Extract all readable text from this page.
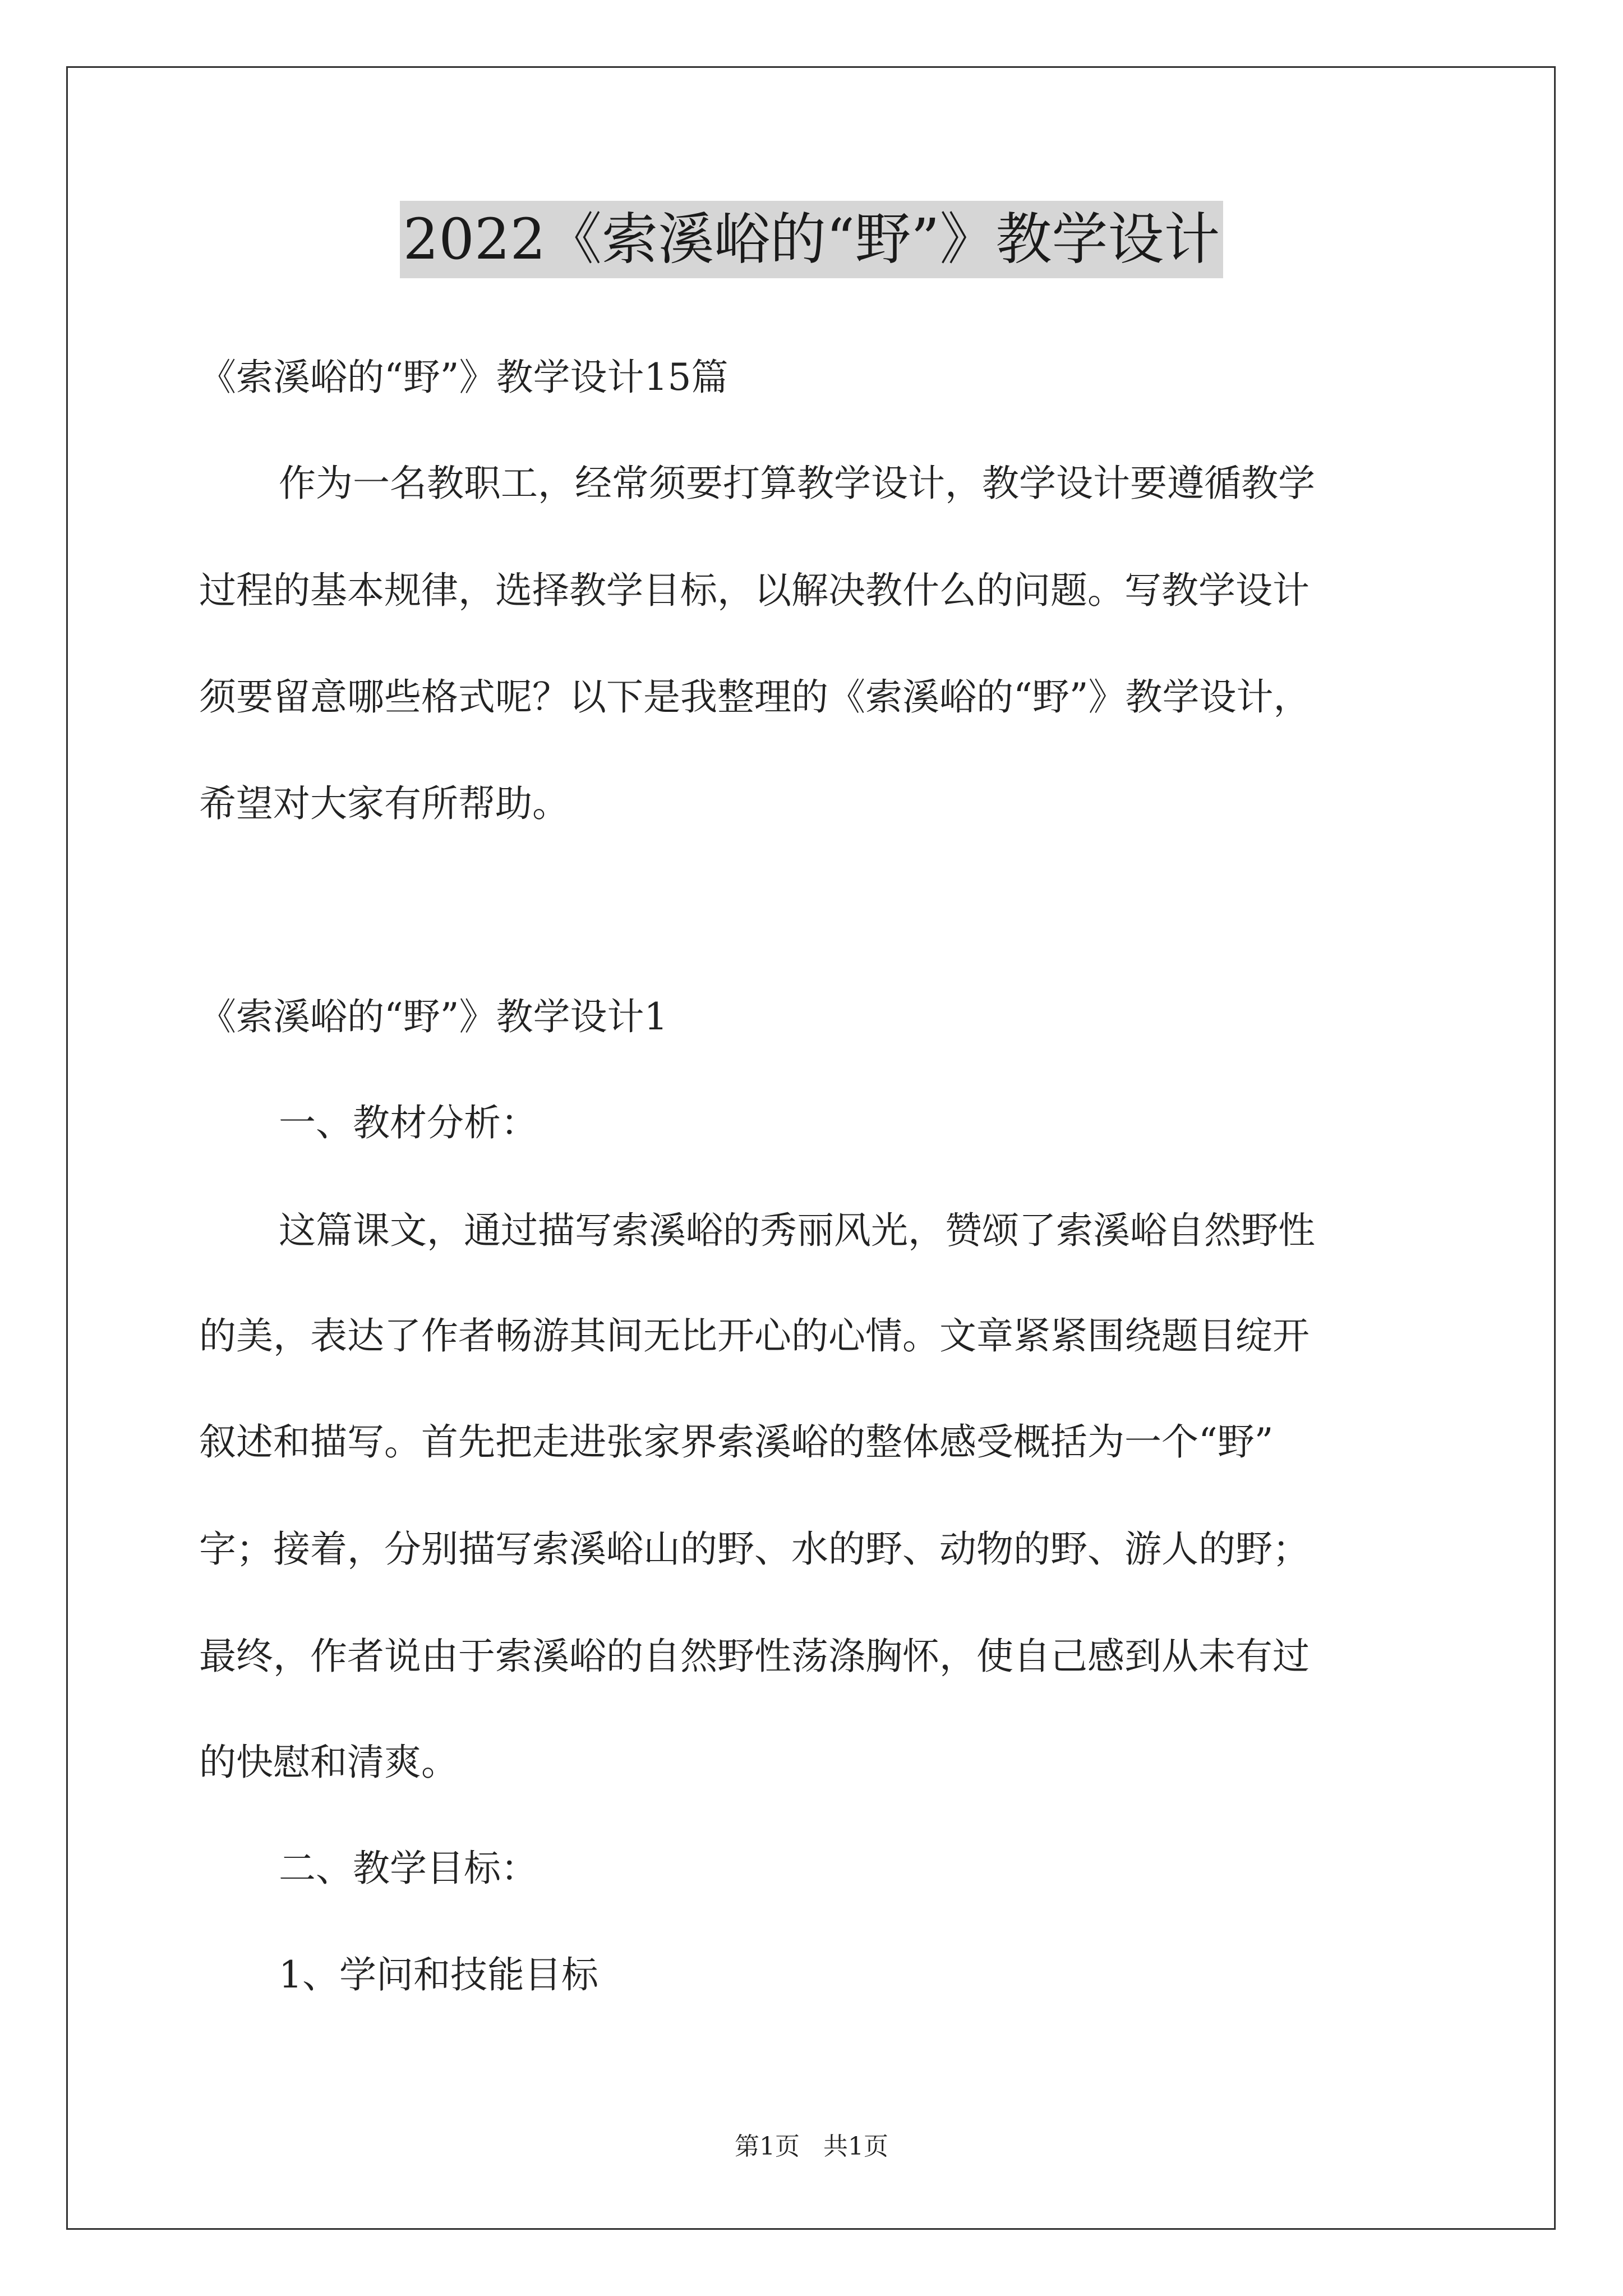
2022《索溪峪的“野”》教学设计
《索溪峪的“野”》教学设计15篇
作为一名教职工，经常须要打算教学设计，教学设计要遵循教学
过程的基本规律，选择教学目标，以解决教什么的问题。写教学设计
须要留意哪些格式呢？以下是我整理的《索溪峪的“野”》教学设计，
希望对大家有所帮助。
《索溪峪的“野”》教学设计1
一、教材分析：
这篇课文，通过描写索溪峪的秀丽风光，赞颂了索溪峪自然野性
的美，表达了作者畅游其间无比开心的心情。文章紧紧围绕题目绽开
叙述和描写。首先把走进张家界索溪峪的整体感受概括为一个“野”
字；接着，分别描写索溪峪山的野、水的野、动物的野、游人的野；
最终，作者说由于索溪峪的自然野性荡涤胸怀，使自己感到从未有过
的快慰和清爽。
二、教学目标：
1、学问和技能目标
第1页   共1页
